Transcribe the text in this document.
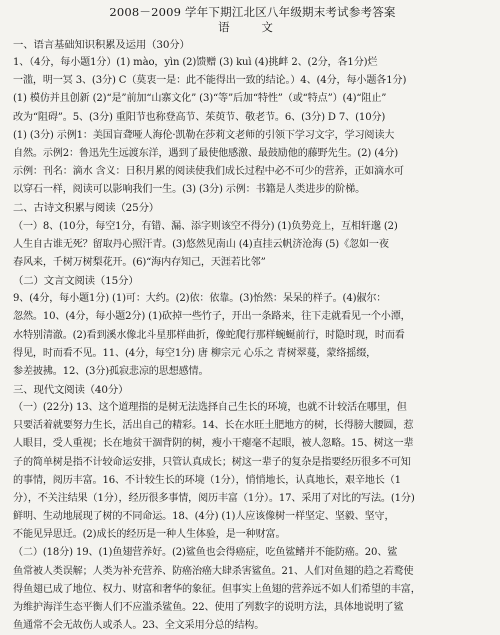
2008－2009 学年下期江北区八年级期末考试参考答案
语 文
一、语言基础知识积累及运用（30分）
1、（4分，每小题1分）(1) mào，yìn (2)馈赠 (3) kuì (4)挑衅 2、(2分，各1分)烂
一滥，明一冥 3、(3分) C（莫衷一是：此不能得出一致的结论。）4、(4分，每小题各1分)
(1) 模仿并且创新 (2)“是”前加“山寨文化” (3)“等”后加“特性”（或“特点”）(4)“阻止”
改为“阻碍”。5、(3分) 重阳节也称登高节、茱萸节、敬老节。6、(3分) D 7、(10分)
(1) (3分) 示例1：美国盲聋哑人海伦·凯勒在莎莉文老师的引领下学习文字，学习阅读大
自然。示例2：鲁迅先生远渡东洋，遇到了最使他感激、最鼓励他的藤野先生。(2) (4分)
示例：刊名：滴水 含义：日积月累的阅读使我们成长过程中必不可少的营养，正如滴水可
以穿石一样，阅读可以影响我们一生。(3) (3分) 示例：书籍是人类进步的阶梯。
二、古诗文积累与阅读（25分）
（一）8、(10分，每空1分，有错、漏、添字则该空不得分) (1)负势竞上，互相轩邈 (2)
人生自古谁无死？留取丹心照汗青。(3)悠然见南山 (4)直挂云帆济沧海 (5)《忽如一夜
春风来，千树万树梨花开。(6)“海内存知己，天涯若比邻”
（二）文言文阅读（15分）
9、(4分，每小题1分) (1)可：大约。(2)依：依靠。(3)怡然：呆呆的样子。(4)俶尔：
忽然。10、(4分，每小题2分) (1)砍掉一些竹子，开出一条路来，往下走就看见一个小潭，
水特别清澈。(2)看到溪水像北斗星那样曲折，像蛇爬行那样蜿蜒前行，时隐时现，时而看
得见，时而看不见。11、(4分，每空1分) 唐 柳宗元 心乐之 青树翠蔓，蒙络摇缀，
参差披拂。12、(3分)孤寂悲凉的思想感情。
三、现代文阅读（40分）
（一）(22分) 13、这个道理指的是树无法选择自己生长的环境，也就不计较活在哪里，但
只要活着就要努力生长，活出自己的精彩。14、长在水旺土肥地方的树，长得膀大腰圆，惹
人眼目，受人重视；长在地贫干涸背阴的树，瘦小干瘪毫不起眼，被人忽略。15、树这一辈
子的简单树是指不计较命运安排，只管认真成长；树这一辈子的复杂是指要经历很多不可知
的事情，阅历丰富。16、不计较生长的环境（1分），悄悄地长，认真地长，艰辛地长（1
分），不关注结果（1分），经历很多事情，阅历丰富（1分）。17、采用了对比的写法。(1分)
鲜明、生动地展现了树的不同命运。18、(4分) (1)人应该像树一样坚定、坚毅、坚守，
不能见异思迁。(2)成长的经历是一种人生体验，是一种财富。
（二）(18分) 19、(1)鱼翅营养好。(2)鲨鱼也会得癌症，吃鱼鲨鳍并不能防癌。20、鲨
鱼常被人类误解；人类为补充营养、防癌治癌大肆杀害鲨鱼。21、人们对鱼翅的趋之若鹜使
得鱼翅已成了地位、权力、财富和奢华的象征。但事实上鱼翅的营养远不如人们希望的丰富，
为维护海洋生态平衡人们不应滥杀鲨鱼。22、使用了列数字的说明方法，具体地说明了鲨
鱼通常不会无故伤人或杀人。23、全文采用分总的结构。
